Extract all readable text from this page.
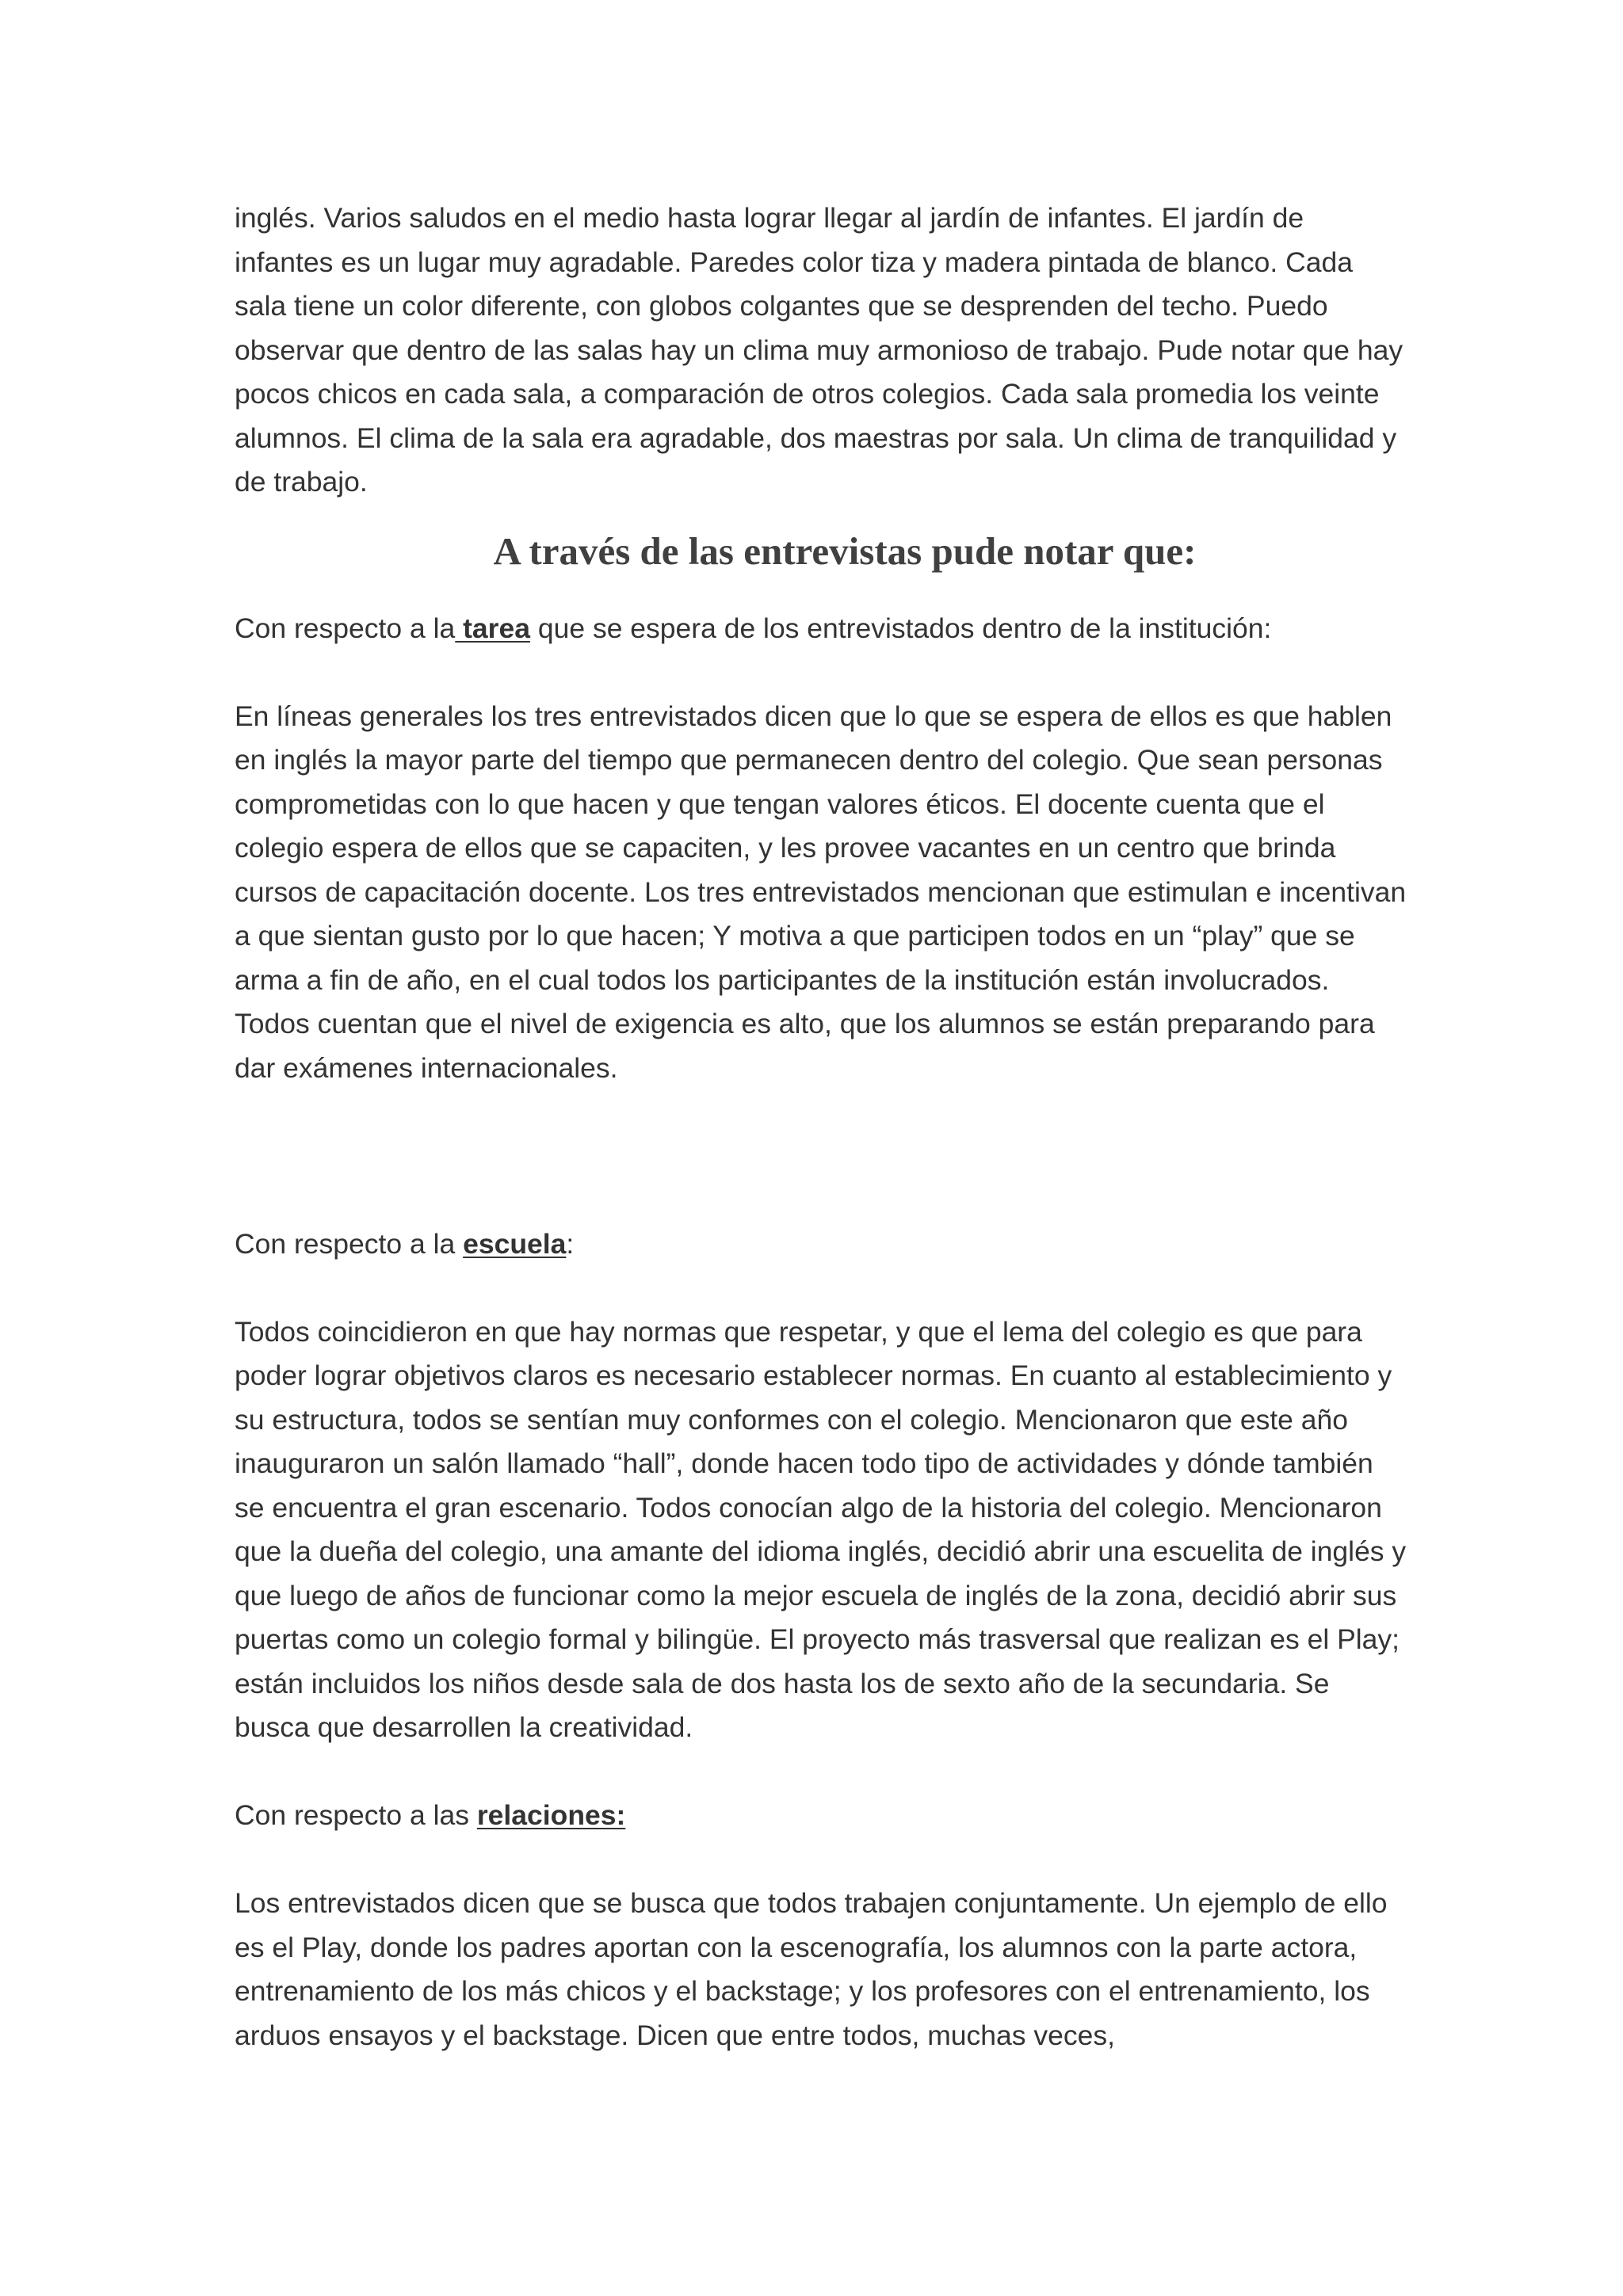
inglés. Varios saludos en el medio hasta lograr llegar al jardín de infantes. El jardín de infantes es un lugar muy agradable. Paredes color tiza y madera pintada de blanco. Cada sala tiene un color diferente, con globos colgantes que se desprenden del techo. Puedo observar que dentro de las salas hay un clima muy armonioso de trabajo. Pude notar que hay pocos chicos en cada sala, a comparación de otros colegios. Cada sala promedia los veinte alumnos. El clima de la sala era agradable, dos maestras por sala. Un clima de tranquilidad y de trabajo.

A través de las entrevistas pude notar que:

Con respecto a la tarea que se espera de los entrevistados dentro de la institución:

En líneas generales los tres entrevistados dicen que lo que se espera de ellos es que hablen en inglés la mayor parte del tiempo que permanecen dentro del colegio. Que sean personas comprometidas con lo que hacen y que tengan valores éticos. El docente cuenta que el colegio espera de ellos que se capaciten, y les provee vacantes en un centro que brinda cursos de capacitación docente. Los tres entrevistados mencionan que estimulan e incentivan a que sientan gusto por lo que hacen; Y motiva a que participen todos en un “play” que se arma a fin de año, en el cual todos los participantes de la institución están involucrados. Todos cuentan que el nivel de exigencia es alto, que los alumnos se están preparando para dar exámenes internacionales.

Con respecto a la escuela:

Todos coincidieron en que hay normas que respetar, y que el lema del colegio es que para poder lograr objetivos claros es necesario establecer normas. En cuanto al establecimiento y su estructura, todos se sentían muy conformes con el colegio. Mencionaron que este año inauguraron un salón llamado “hall”, donde hacen todo tipo de actividades y dónde también se encuentra el gran escenario. Todos conocían algo de la historia del colegio. Mencionaron que la dueña del colegio, una amante del idioma inglés, decidió abrir una escuelita de inglés y que luego de años de funcionar como la mejor escuela de inglés de la zona, decidió abrir sus puertas como un colegio formal y bilingüe. El proyecto más trasversal que realizan es el Play; están incluidos los niños desde sala de dos hasta los de sexto año de la secundaria. Se busca que desarrollen la creatividad.

Con respecto a las relaciones:

Los entrevistados dicen que se busca que todos trabajen conjuntamente. Un ejemplo de ello es el Play, donde los padres aportan con la escenografía, los alumnos con la parte actora, entrenamiento de los más chicos y el backstage; y los profesores con el entrenamiento, los arduos ensayos y el backstage. Dicen que entre todos, muchas veces,
